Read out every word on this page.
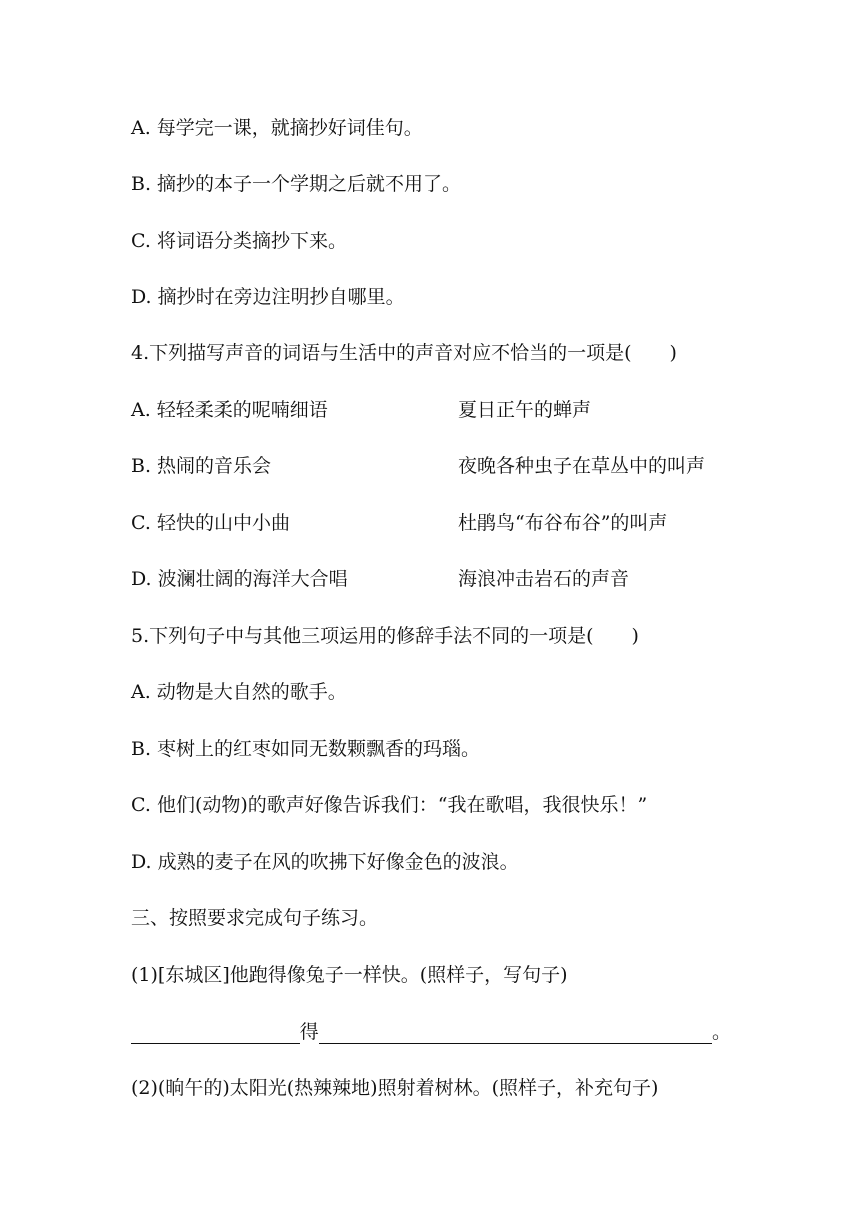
A. 每学完一课，就摘抄好词佳句。
B. 摘抄的本子一个学期之后就不用了。
C. 将词语分类摘抄下来。
D. 摘抄时在旁边注明抄自哪里。
4.下列描写声音的词语与生活中的声音对应不恰当的一项是(　　)
A. 轻轻柔柔的呢喃细语	夏日正午的蝉声
B. 热闹的音乐会	夜晚各种虫子在草丛中的叫声
C. 轻快的山中小曲	杜鹃鸟“布谷布谷”的叫声
D. 波澜壮阔的海洋大合唱	海浪冲击岩石的声音
5.下列句子中与其他三项运用的修辞手法不同的一项是(　　)
A. 动物是大自然的歌手。
B. 枣树上的红枣如同无数颗飘香的玛瑙。
C. 他们(动物)的歌声好像告诉我们：“我在歌唱，我很快乐！”
D. 成熟的麦子在风的吹拂下好像金色的波浪。
三、按照要求完成句子练习。
(1)[东城区]他跑得像兔子一样快。(照样子，写句子)
得	。
(2)(晌午的)太阳光(热辣辣地)照射着树林。(照样子，补充句子)
